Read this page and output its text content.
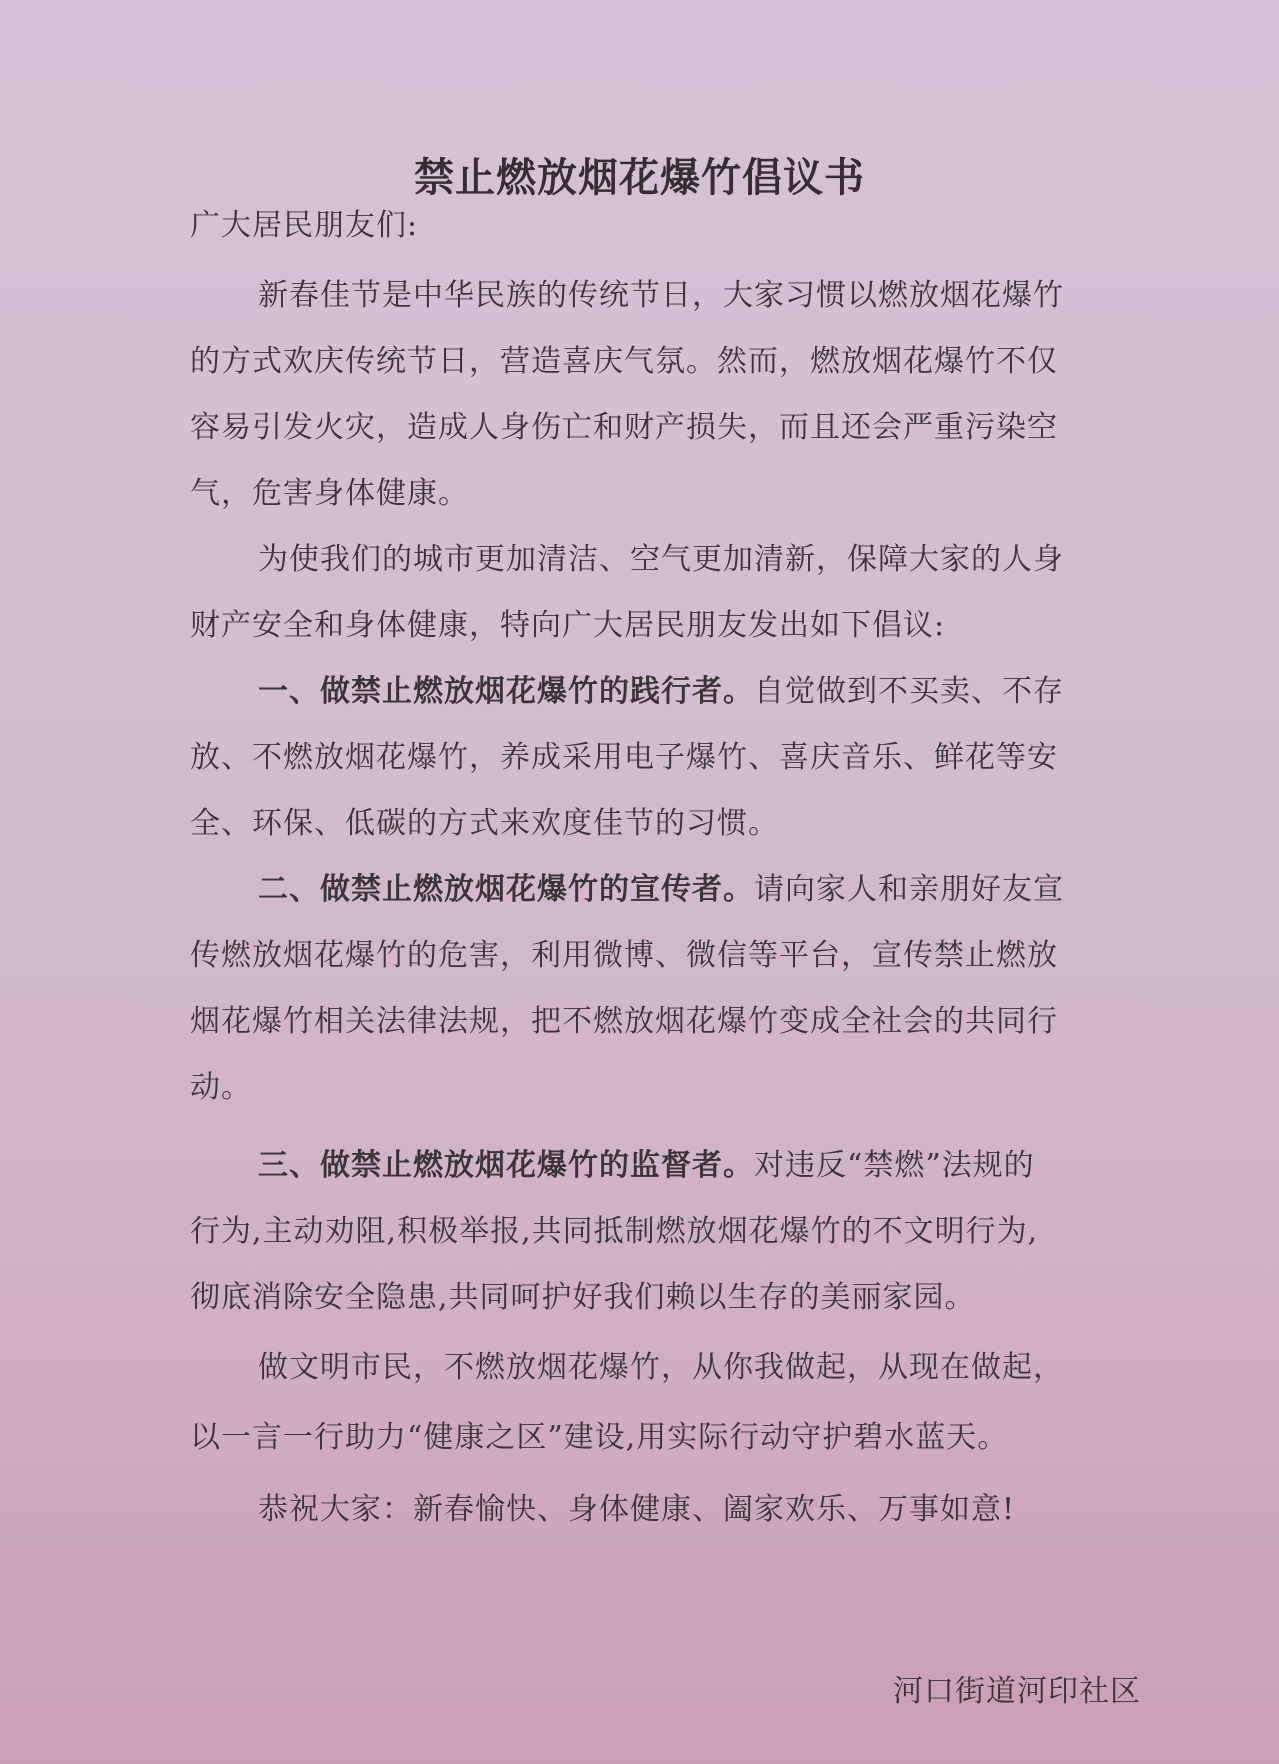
禁止燃放烟花爆竹倡议书
广大居民朋友们:
新春佳节是中华民族的传统节日，大家习惯以燃放烟花爆竹
的方式欢庆传统节日，营造喜庆气氛。然而，燃放烟花爆竹不仅
容易引发火灾，造成人身伤亡和财产损失，而且还会严重污染空
气，危害身体健康。
为使我们的城市更加清洁、空气更加清新，保障大家的人身
财产安全和身体健康，特向广大居民朋友发出如下倡议:
一、做禁止燃放烟花爆竹的践行者。自觉做到不买卖、不存
放、不燃放烟花爆竹，养成采用电子爆竹、喜庆音乐、鲜花等安
全、环保、低碳的方式来欢度佳节的习惯。
二、做禁止燃放烟花爆竹的宣传者。请向家人和亲朋好友宣
传燃放烟花爆竹的危害，利用微博、微信等平台，宣传禁止燃放
烟花爆竹相关法律法规，把不燃放烟花爆竹变成全社会的共同行
动。
三、做禁止燃放烟花爆竹的监督者。对违反“禁燃”法规的
行为,主动劝阻,积极举报,共同抵制燃放烟花爆竹的不文明行为,
彻底消除安全隐患,共同呵护好我们赖以生存的美丽家园。
做文明市民，不燃放烟花爆竹，从你我做起，从现在做起，
以一言一行助力“健康之区”建设,用实际行动守护碧水蓝天。
恭祝大家：新春愉快、身体健康、阖家欢乐、万事如意!
河口街道河印社区
